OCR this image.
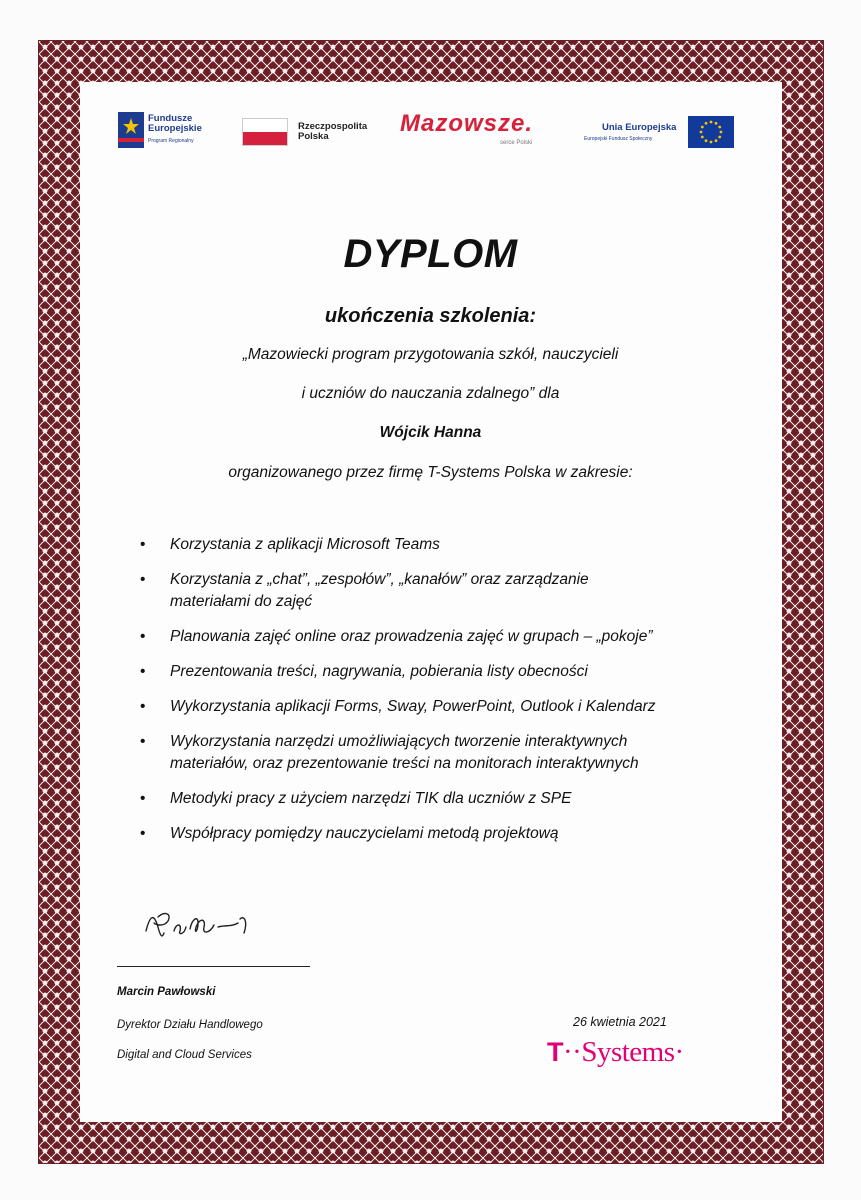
Fundusze
Europejskie
Program Regionalny
Rzeczpospolita
Polska	Mazowsze.
serce Polski
Unia Europejska
Europejski Fundusz Społeczny
DYPLOM
ukończenia szkolenia:
„Mazowiecki program przygotowania szkół, nauczycieli
i uczniów do nauczania zdalnego” dla
Wójcik Hanna
organizowanego przez firmę T-Systems Polska w zakresie:
• Korzystania z aplikacji Microsoft Teams
• Korzystania z „chat”, „zespołów”, „kanałów” oraz zarządzanie
materiałami do zajęć
• Planowania zajęć online oraz prowadzenia zajęć w grupach – „pokoje”
• Prezentowania treści, nagrywania, pobierania listy obecności
• Wykorzystania aplikacji Forms, Sway, PowerPoint, Outlook i Kalendarz
• Wykorzystania narzędzi umożliwiających tworzenie interaktywnych
materiałów, oraz prezentowanie treści na monitorach interaktywnych
• Metodyki pracy z użyciem narzędzi TIK dla uczniów z SPE
• Współpracy pomiędzy nauczycielami metodą projektową
Marcin Pawłowski
Dyrektor Działu Handlowego
Digital and Cloud Services
26 kwietnia 2021
T··Systems·
